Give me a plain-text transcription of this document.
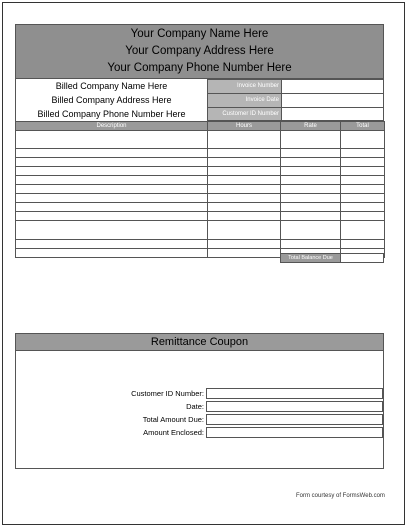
Your Company Name Here
Your Company Address Here
Your Company Phone Number Here
Billed Company Name Here
Billed Company Address Here
Billed Company Phone Number Here
Invoice Number
Invoice Date
Customer ID Number
Description	Hours	Rate	Total

Total Balance Due
Remittance Coupon
Customer ID Number:
Date:
Total Amount Due:
Amount Enclosed:
Form courtesy of FormsWeb.com
